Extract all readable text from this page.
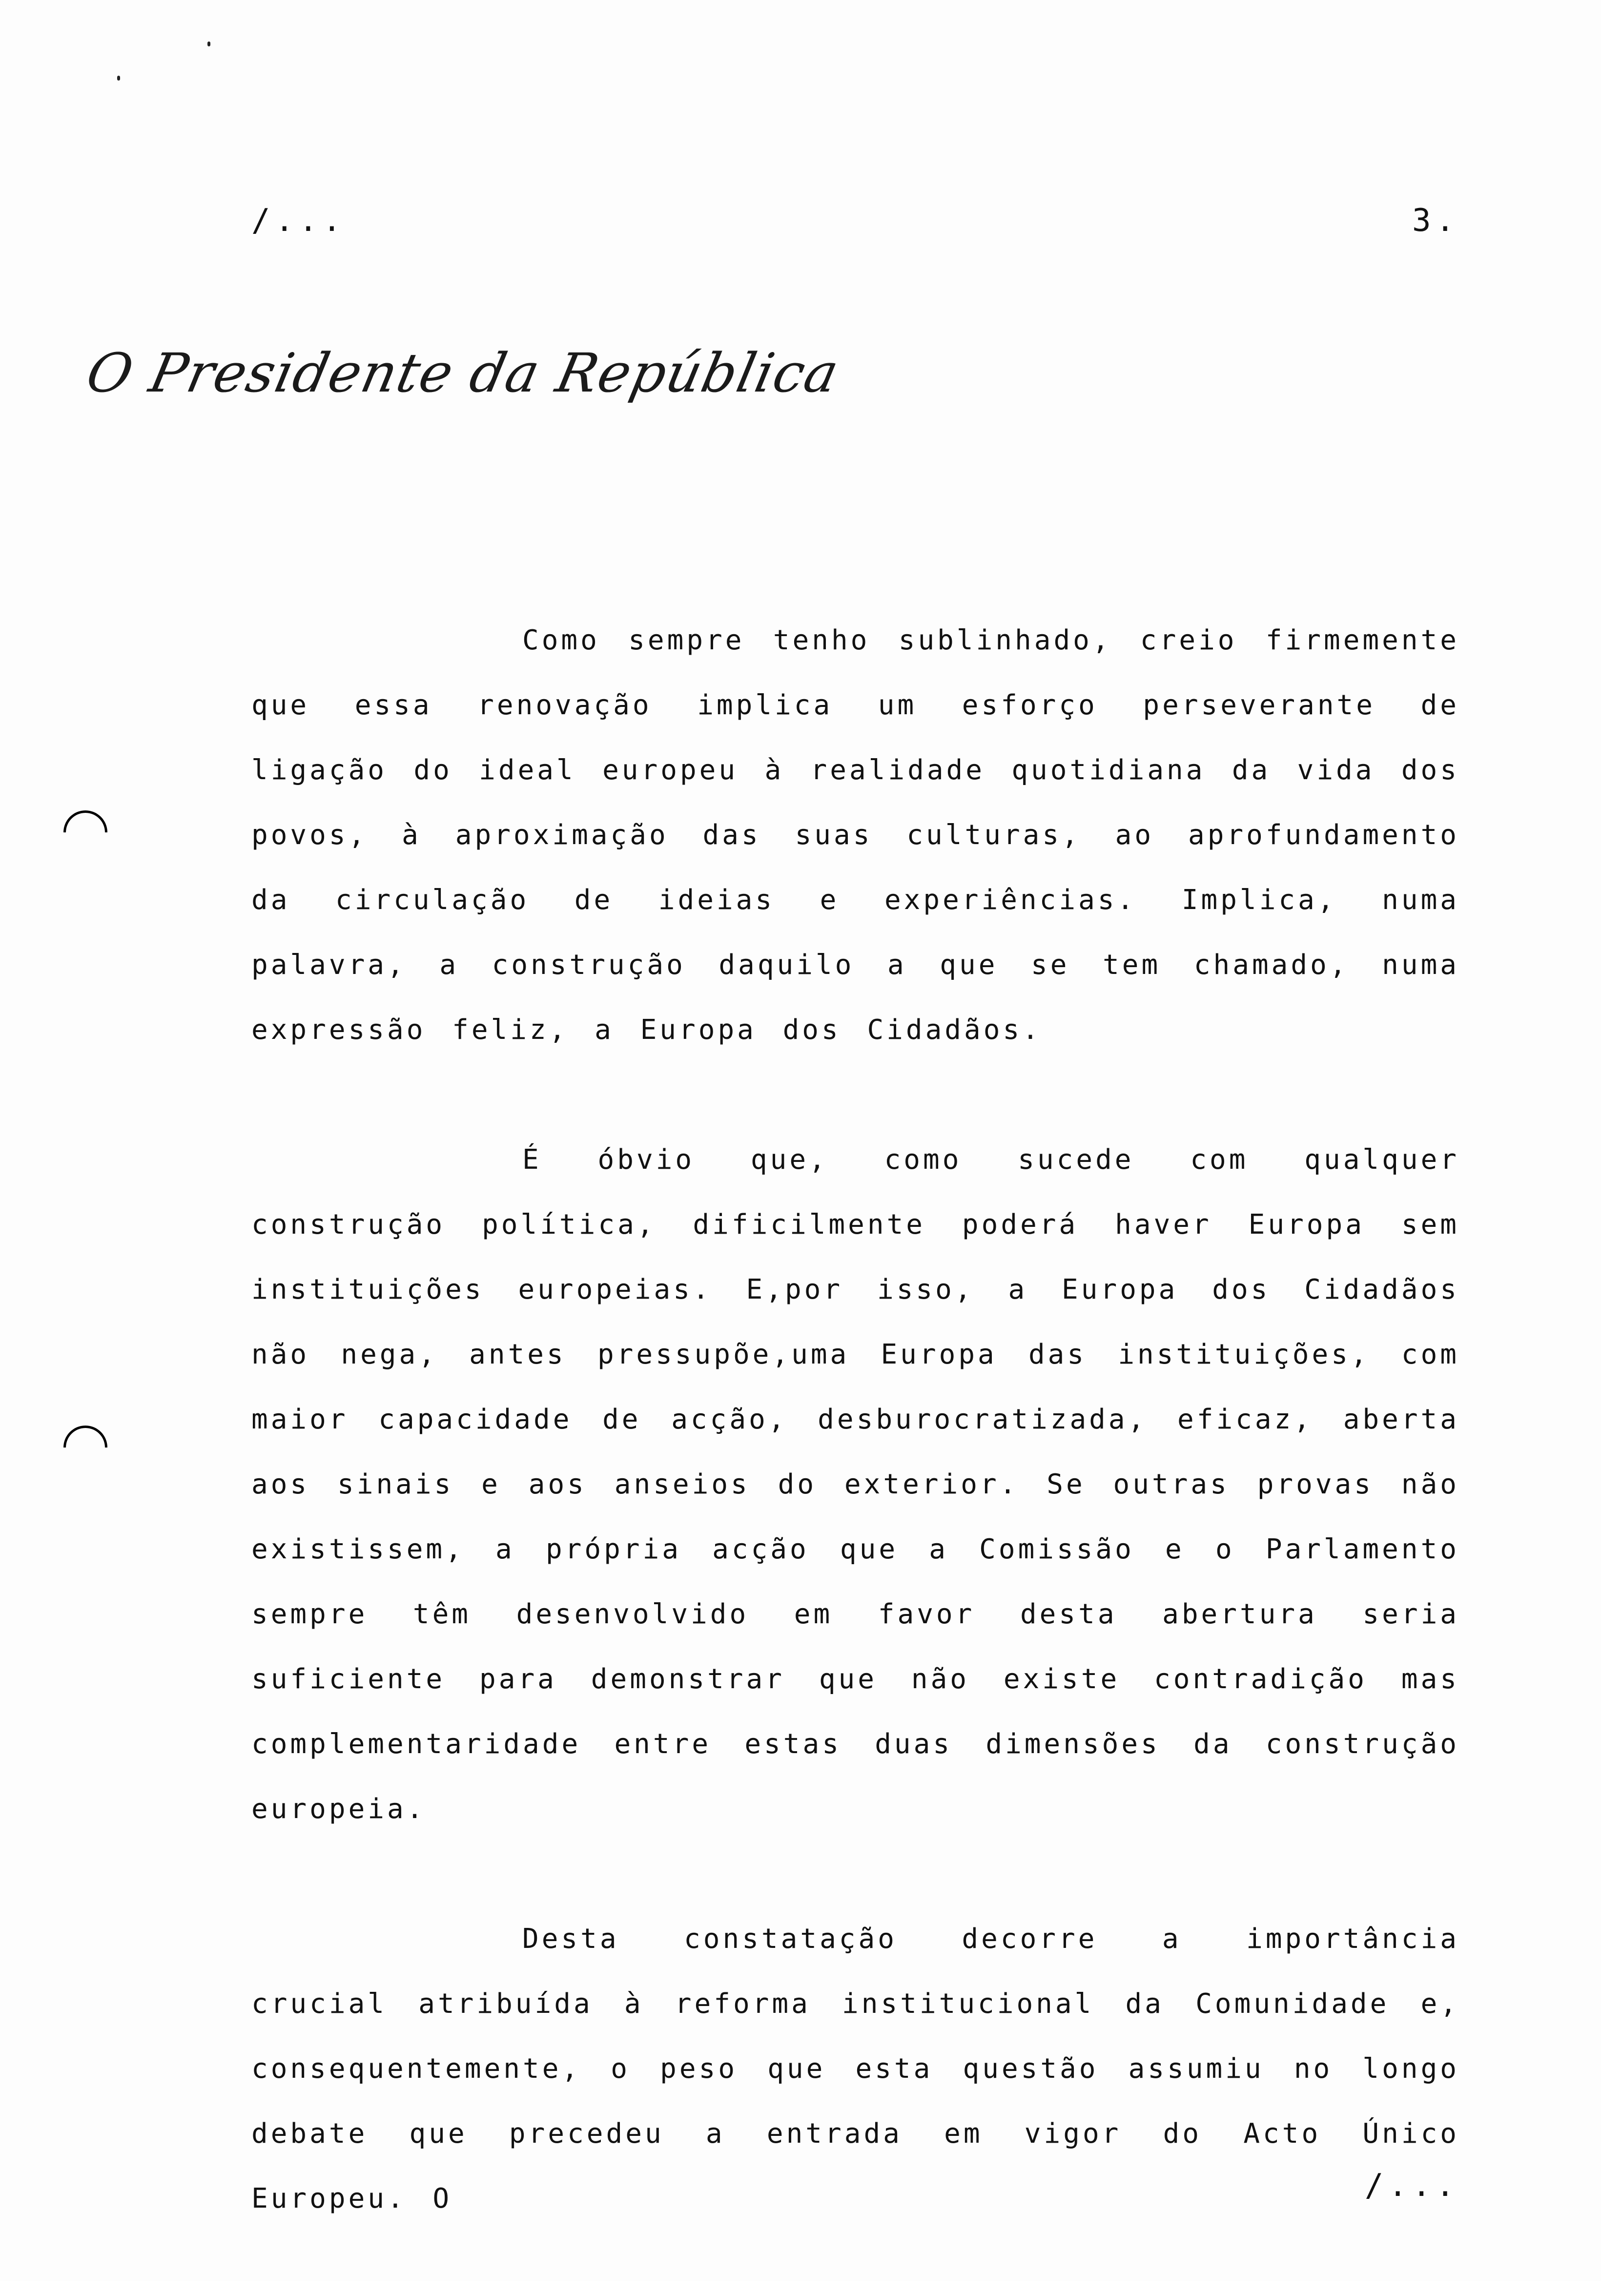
/...	3.
O Presidente da República

Como sempre tenho sublinhado, creio firmemente que essa renovação implica um esforço perseverante de ligação do ideal europeu à realidade quotidiana da vida dos povos, à aproximação das suas culturas, ao aprofundamento da circulação de ideias e experiências. Implica, numa palavra, a construção daquilo a que se tem chamado, numa expressão feliz, a Europa dos Cidadãos.

É óbvio que, como sucede com qualquer construção política, dificilmente poderá haver Europa sem instituições europeias. E,por isso, a Europa dos Cidadãos não nega, antes pressupõe,uma Europa das instituições, com maior capacidade de acção, desburocratizada, eficaz, aberta aos sinais e aos anseios do exterior. Se outras provas não existissem, a própria acção que a Comissão e o Parlamento sempre têm desenvolvido em favor desta abertura seria suficiente para demonstrar que não existe contradição mas complementaridade entre estas duas dimensões da construção europeia.

Desta constatação decorre a importância crucial atribuída à reforma institucional da Comunidade e, consequentemente, o peso que esta questão assumiu no longo debate que precedeu a entrada em vigor do Acto Único Europeu. O	/...
